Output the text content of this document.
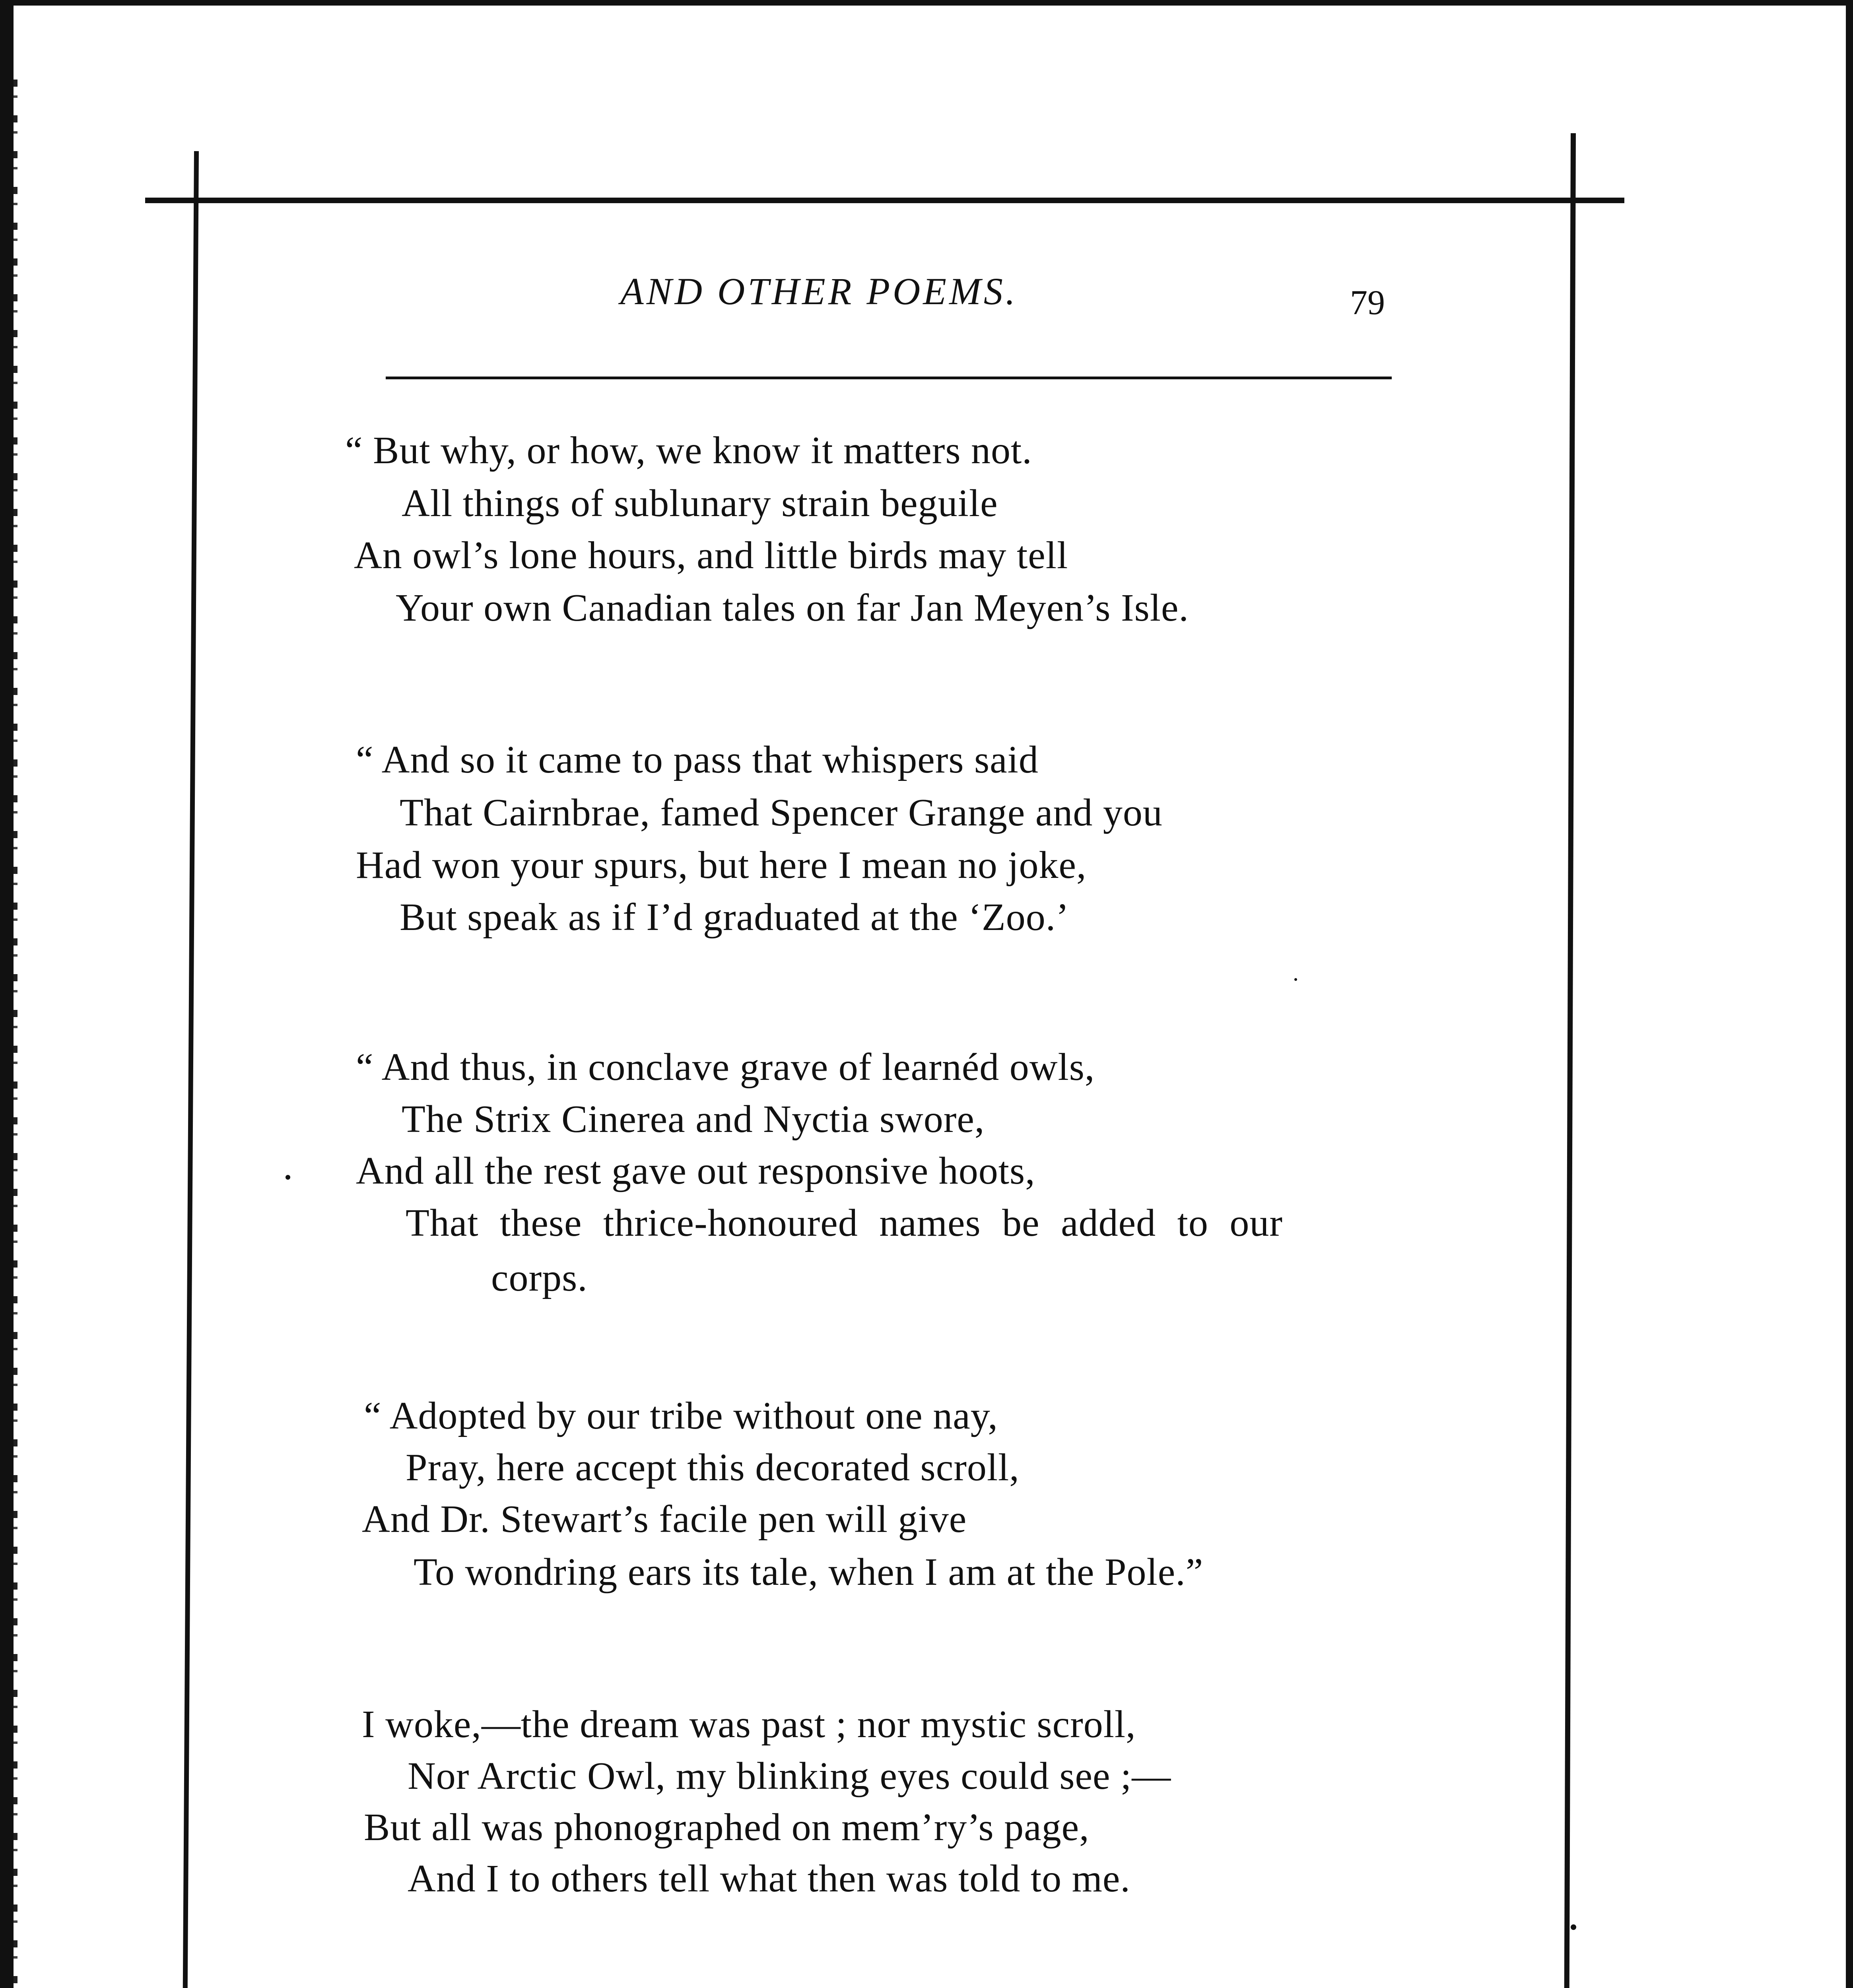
AND OTHER POEMS.	79
“ But why, or how, we know it matters not.
All things of sublunary strain beguile
An owl’s lone hours, and little birds may tell
Your own Canadian tales on far Jan Meyen’s Isle.
“ And so it came to pass that whispers said
That Cairnbrae, famed Spencer Grange and you
Had won your spurs, but here I mean no joke,
But speak as if I’d graduated at the ‘Zoo.’
“ And thus, in conclave grave of learnéd owls,
The Strix Cinerea and Nyctia swore,
And all the rest gave out responsive hoots,
That these thrice-honoured names be added to our
corps.
“ Adopted by our tribe without one nay,
Pray, here accept this decorated scroll,
And Dr. Stewart’s facile pen will give
To wondring ears its tale, when I am at the Pole.”
I woke,—the dream was past ; nor mystic scroll,
Nor Arctic Owl, my blinking eyes could see ;—
But all was phonographed on mem’ry’s page,
And I to others tell what then was told to me.
